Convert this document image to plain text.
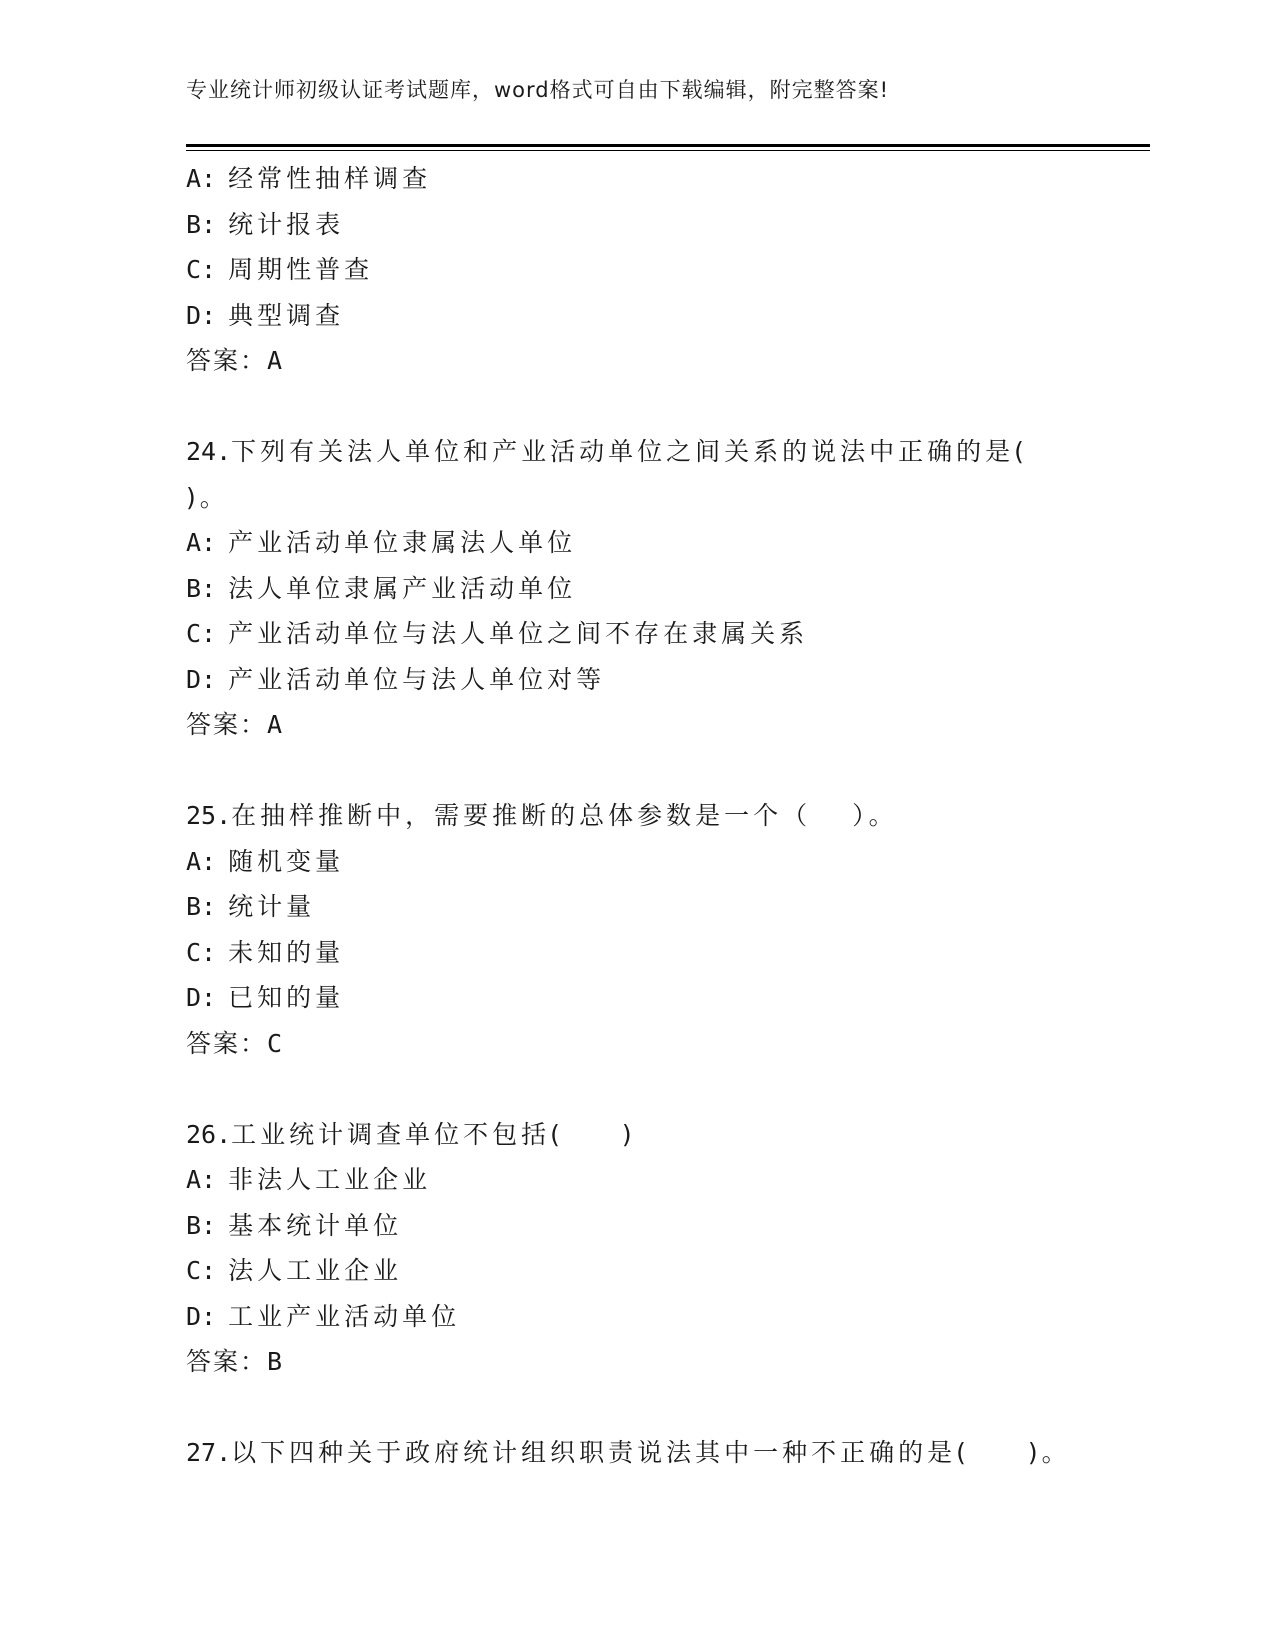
专业统计师初级认证考试题库，word格式可自由下载编辑，附完整答案!
A: 经常性抽样调查
B: 统计报表
C: 周期性普查
D: 典型调查
答案：A
24.下列有关法人单位和产业活动单位之间关系的说法中正确的是(
)。
A: 产业活动单位隶属法人单位
B: 法人单位隶属产业活动单位
C: 产业活动单位与法人单位之间不存在隶属关系
D: 产业活动单位与法人单位对等
答案：A
25.在抽样推断中，需要推断的总体参数是一个（　 ）。
A: 随机变量
B: 统计量
C: 未知的量
D: 已知的量
答案：C
26.工业统计调查单位不包括(　　)
A: 非法人工业企业
B: 基本统计单位
C: 法人工业企业
D: 工业产业活动单位
答案：B
27.以下四种关于政府统计组织职责说法其中一种不正确的是(　　)。
